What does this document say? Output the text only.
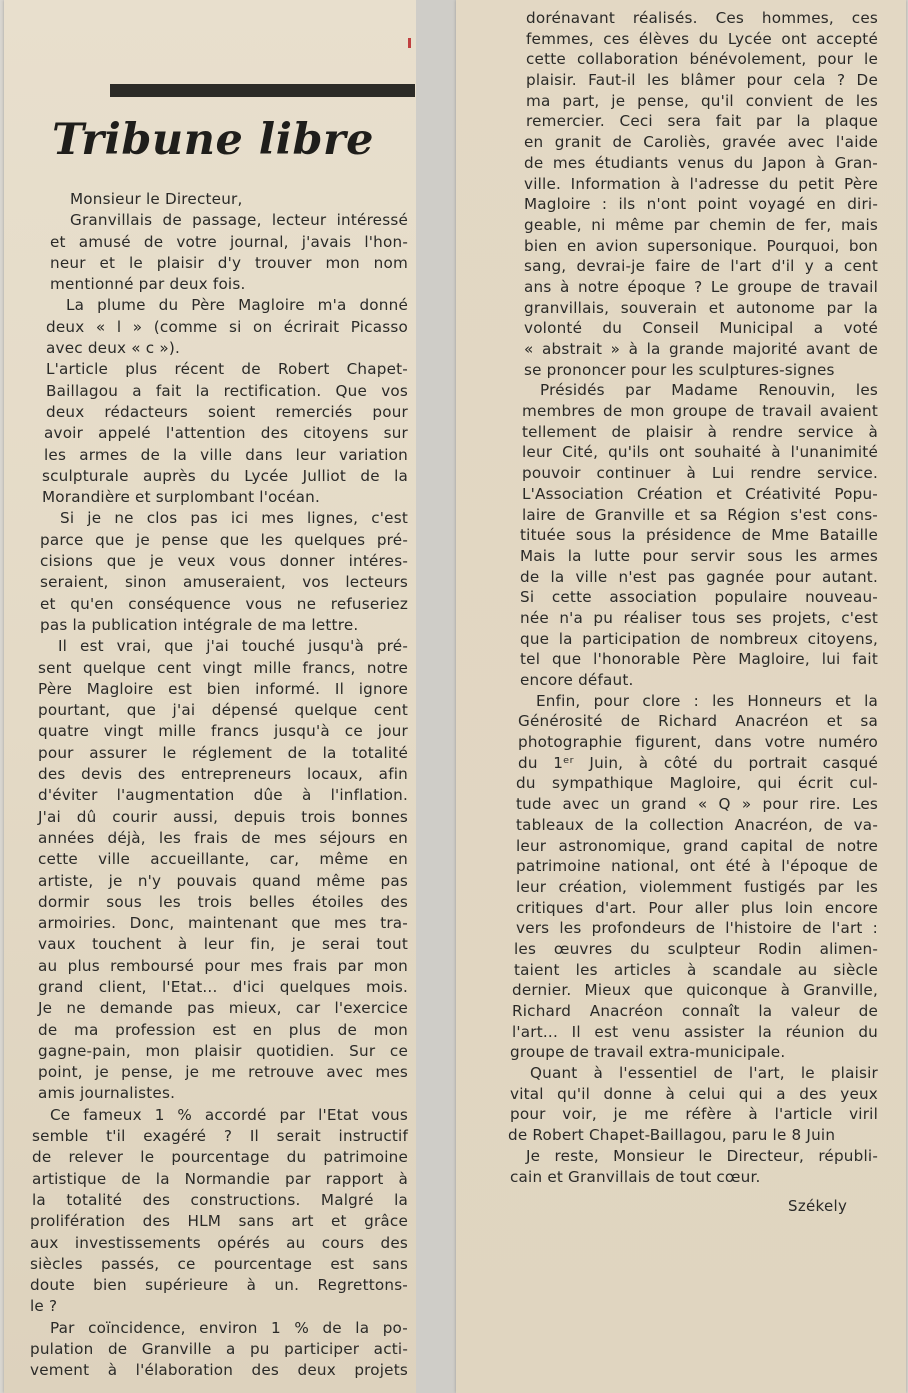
Tribune libre
Monsieur le Directeur,
Granvillais de passage, lecteur intéressé
et amusé de votre journal, j'avais l'hon-
neur et le plaisir d'y trouver mon nom
mentionné par deux fois.
La plume du Père Magloire m'a donné
deux « l » (comme si on écrirait Picasso
avec deux « c »).
L'article plus récent de Robert Chapet-
Baillagou a fait la rectification. Que vos
deux rédacteurs soient remerciés pour
avoir appelé l'attention des citoyens sur
les armes de la ville dans leur variation
sculpturale auprès du Lycée Julliot de la
Morandière et surplombant l'océan.
Si je ne clos pas ici mes lignes, c'est
parce que je pense que les quelques pré-
cisions que je veux vous donner intéres-
seraient, sinon amuseraient, vos lecteurs
et qu'en conséquence vous ne refuseriez
pas la publication intégrale de ma lettre.
Il est vrai, que j'ai touché jusqu'à pré-
sent quelque cent vingt mille francs, notre
Père Magloire est bien informé. Il ignore
pourtant, que j'ai dépensé quelque cent
quatre vingt mille francs jusqu'à ce jour
pour assurer le réglement de la totalité
des devis des entrepreneurs locaux, afin
d'éviter l'augmentation dûe à l'inflation.
J'ai dû courir aussi, depuis trois bonnes
années déjà, les frais de mes séjours en
cette ville accueillante, car, même en
artiste, je n'y pouvais quand même pas
dormir sous les trois belles étoiles des
armoiries. Donc, maintenant que mes tra-
vaux touchent à leur fin, je serai tout
au plus remboursé pour mes frais par mon
grand client, l'Etat... d'ici quelques mois.
Je ne demande pas mieux, car l'exercice
de ma profession est en plus de mon
gagne-pain, mon plaisir quotidien. Sur ce
point, je pense, je me retrouve avec mes
amis journalistes.
Ce fameux 1 % accordé par l'Etat vous
semble t'il exagéré ? Il serait instructif
de relever le pourcentage du patrimoine
artistique de la Normandie par rapport à
la totalité des constructions. Malgré la
prolifération des HLM sans art et grâce
aux investissements opérés au cours des
siècles passés, ce pourcentage est sans
doute bien supérieure à un. Regrettons-
le ?
Par coïncidence, environ 1 % de la po-
pulation de Granville a pu participer acti-
vement à l'élaboration des deux projets
dorénavant réalisés. Ces hommes, ces
femmes, ces élèves du Lycée ont accepté
cette collaboration bénévolement, pour le
plaisir. Faut-il les blâmer pour cela ? De
ma part, je pense, qu'il convient de les
remercier. Ceci sera fait par la plaque
en granit de Caroliès, gravée avec l'aide
de mes étudiants venus du Japon à Gran-
ville. Information à l'adresse du petit Père
Magloire : ils n'ont point voyagé en diri-
geable, ni même par chemin de fer, mais
bien en avion supersonique. Pourquoi, bon
sang, devrai-je faire de l'art d'il y a cent
ans à notre époque ? Le groupe de travail
granvillais, souverain et autonome par la
volonté du Conseil Municipal a voté
« abstrait » à la grande majorité avant de
se prononcer pour les sculptures-signes
Présidés par Madame Renouvin, les
membres de mon groupe de travail avaient
tellement de plaisir à rendre service à
leur Cité, qu'ils ont souhaité à l'unanimité
pouvoir continuer à Lui rendre service.
L'Association Création et Créativité Popu-
laire de Granville et sa Région s'est cons-
tituée sous la présidence de Mme Bataille
Mais la lutte pour servir sous les armes
de la ville n'est pas gagnée pour autant.
Si cette association populaire nouveau-
née n'a pu réaliser tous ses projets, c'est
que la participation de nombreux citoyens,
tel que l'honorable Père Magloire, lui fait
encore défaut.
Enfin, pour clore : les Honneurs et la
Générosité de Richard Anacréon et sa
photographie figurent, dans votre numéro
du 1ᵉʳ Juin, à côté du portrait casqué
du sympathique Magloire, qui écrit cul-
tude avec un grand « Q » pour rire. Les
tableaux de la collection Anacréon, de va-
leur astronomique, grand capital de notre
patrimoine national, ont été à l'époque de
leur création, violemment fustigés par les
critiques d'art. Pour aller plus loin encore
vers les profondeurs de l'histoire de l'art :
les œuvres du sculpteur Rodin alimen-
taient les articles à scandale au siècle
dernier. Mieux que quiconque à Granville,
Richard Anacréon connaît la valeur de
l'art... Il est venu assister la réunion du
groupe de travail extra-municipale.
Quant à l'essentiel de l'art, le plaisir
vital qu'il donne à celui qui a des yeux
pour voir, je me réfère à l'article viril
de Robert Chapet-Baillagou, paru le 8 Juin
Je reste, Monsieur le Directeur, républi-
cain et Granvillais de tout cœur.

Székely
